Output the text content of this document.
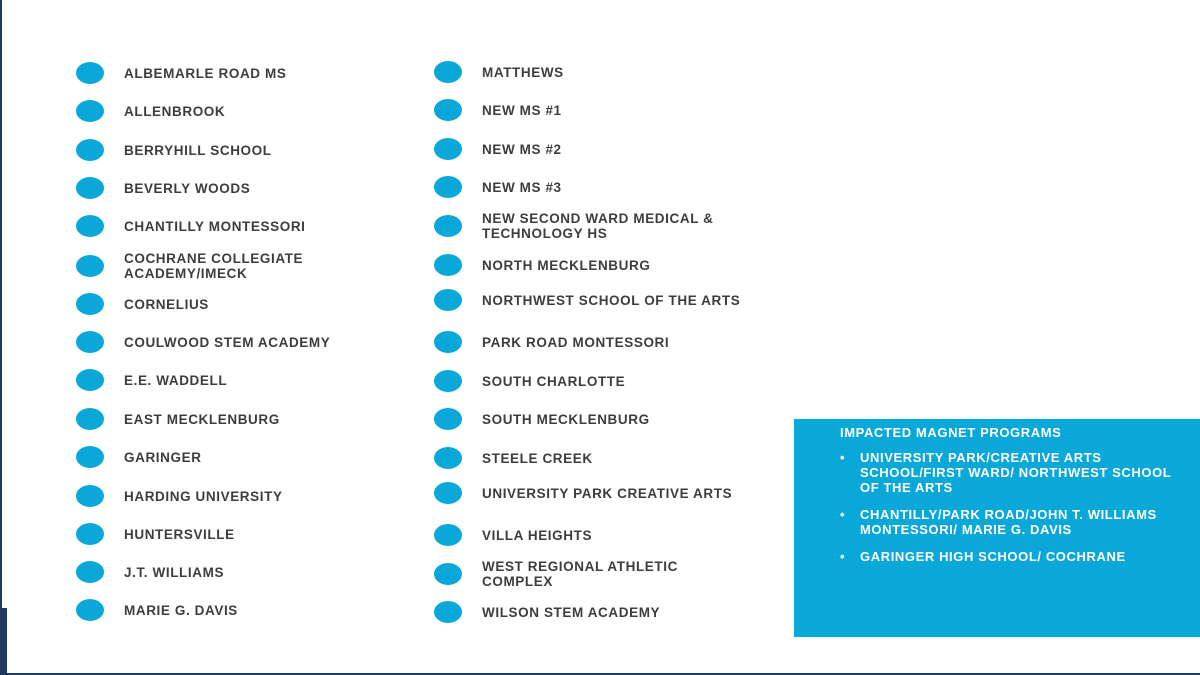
ALBEMARLE ROAD MS
ALLENBROOK
BERRYHILL SCHOOL
BEVERLY WOODS
CHANTILLY MONTESSORI
COCHRANE COLLEGIATE ACADEMY/IMECK
CORNELIUS
COULWOOD STEM ACADEMY
E.E. WADDELL
EAST MECKLENBURG
GARINGER
HARDING UNIVERSITY
HUNTERSVILLE
J.T. WILLIAMS
MARIE G. DAVIS
MATTHEWS
NEW MS #1
NEW MS #2
NEW MS #3
NEW SECOND WARD MEDICAL & TECHNOLOGY HS
NORTH MECKLENBURG
NORTHWEST SCHOOL OF THE ARTS
PARK ROAD MONTESSORI
SOUTH CHARLOTTE
SOUTH MECKLENBURG
STEELE CREEK
UNIVERSITY PARK CREATIVE ARTS
VILLA HEIGHTS
WEST REGIONAL ATHLETIC COMPLEX
WILSON STEM ACADEMY
IMPACTED MAGNET PROGRAMS
• UNIVERSITY PARK/CREATIVE ARTS SCHOOL/FIRST WARD/ NORTHWEST SCHOOL OF THE ARTS
• CHANTILLY/PARK ROAD/JOHN T. WILLIAMS MONTESSORI/ MARIE G. DAVIS
• GARINGER HIGH SCHOOL/ COCHRANE
